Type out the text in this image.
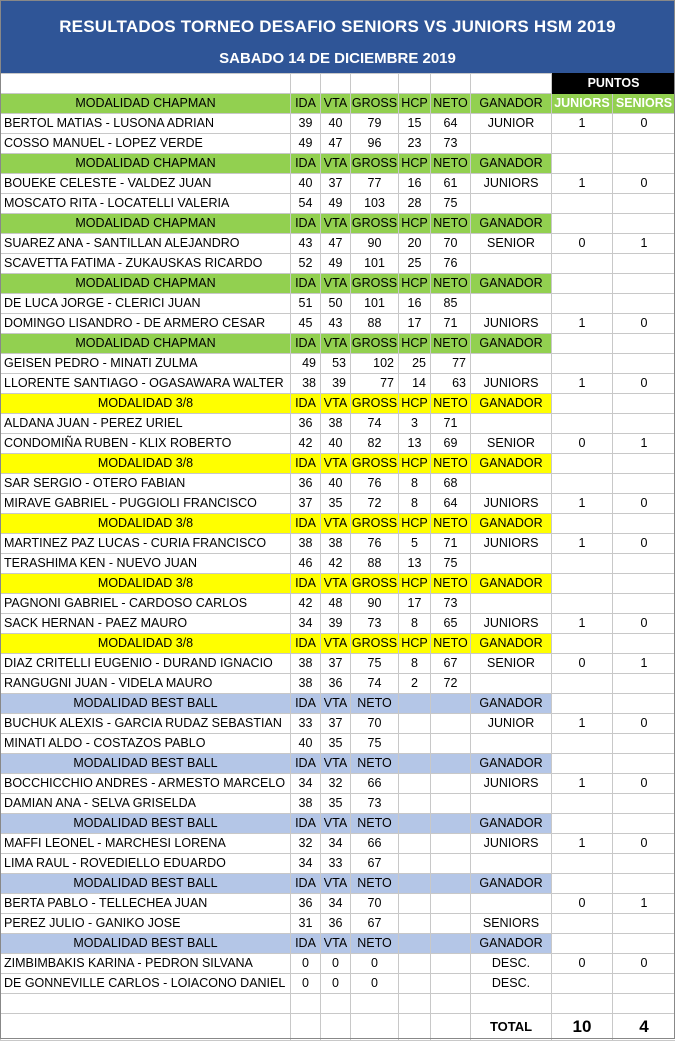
RESULTADOS TORNEO DESAFIO SENIORS VS JUNIORS HSM 2019
SABADO 14 DE DICIEMBRE 2019
							PUNTOS	
MODALIDAD CHAPMAN	IDA	VTA	GROSS	HCP	NETO	GANADOR	JUNIORS	SENIORS
BERTOL MATIAS - LUSONA ADRIAN	39	40	79	15	64	JUNIOR	1	0
COSSO MANUEL - LOPEZ VERDE	49	47	96	23	73			
MODALIDAD CHAPMAN	IDA	VTA	GROSS	HCP	NETO	GANADOR		
BOUEKE CELESTE - VALDEZ JUAN	40	37	77	16	61	JUNIORS	1	0
MOSCATO RITA - LOCATELLI VALERIA	54	49	103	28	75			
MODALIDAD CHAPMAN	IDA	VTA	GROSS	HCP	NETO	GANADOR		
SUAREZ ANA - SANTILLAN ALEJANDRO	43	47	90	20	70	SENIOR	0	1
SCAVETTA FATIMA - ZUKAUSKAS RICARDO	52	49	101	25	76			
MODALIDAD CHAPMAN	IDA	VTA	GROSS	HCP	NETO	GANADOR		
DE LUCA JORGE - CLERICI JUAN	51	50	101	16	85			
DOMINGO LISANDRO - DE ARMERO CESAR	45	43	88	17	71	JUNIORS	1	0
MODALIDAD CHAPMAN	IDA	VTA	GROSS	HCP	NETO	GANADOR		
GEISEN PEDRO - MINATI ZULMA	49	53	102	25	77			
LLORENTE SANTIAGO - OGASAWARA WALTER	38	39	77	14	63	JUNIORS	1	0
MODALIDAD 3/8	IDA	VTA	GROSS	HCP	NETO	GANADOR		
ALDANA JUAN - PEREZ URIEL	36	38	74	3	71			
CONDOMIÑA RUBEN - KLIX ROBERTO	42	40	82	13	69	SENIOR	0	1
MODALIDAD 3/8	IDA	VTA	GROSS	HCP	NETO	GANADOR		
SAR SERGIO - OTERO FABIAN	36	40	76	8	68			
MIRAVE GABRIEL - PUGGIOLI FRANCISCO	37	35	72	8	64	JUNIORS	1	0
MODALIDAD 3/8	IDA	VTA	GROSS	HCP	NETO	GANADOR		
MARTINEZ PAZ LUCAS - CURIA FRANCISCO	38	38	76	5	71	JUNIORS	1	0
TERASHIMA KEN - NUEVO JUAN	46	42	88	13	75			
MODALIDAD 3/8	IDA	VTA	GROSS	HCP	NETO	GANADOR		
PAGNONI GABRIEL - CARDOSO CARLOS	42	48	90	17	73			
SACK HERNAN - PAEZ MAURO	34	39	73	8	65	JUNIORS	1	0
MODALIDAD 3/8	IDA	VTA	GROSS	HCP	NETO	GANADOR		
DIAZ CRITELLI EUGENIO - DURAND IGNACIO	38	37	75	8	67	SENIOR	0	1
RANGUGNI JUAN - VIDELA MAURO	38	36	74	2	72			
MODALIDAD BEST BALL	IDA	VTA	NETO			GANADOR		
BUCHUK ALEXIS - GARCIA RUDAZ SEBASTIAN	33	37	70			JUNIOR	1	0
MINATI ALDO - COSTAZOS PABLO	40	35	75					
MODALIDAD BEST BALL	IDA	VTA	NETO			GANADOR		
BOCCHICCHIO ANDRES - ARMESTO MARCELO	34	32	66			JUNIORS	1	0
DAMIAN ANA - SELVA GRISELDA	38	35	73					
MODALIDAD BEST BALL	IDA	VTA	NETO			GANADOR		
MAFFI LEONEL - MARCHESI LORENA	32	34	66			JUNIORS	1	0
LIMA RAUL - ROVEDIELLO EDUARDO	34	33	67					
MODALIDAD BEST BALL	IDA	VTA	NETO			GANADOR		
BERTA PABLO - TELLECHEA JUAN	36	34	70				0	1
PEREZ JULIO - GANIKO JOSE	31	36	67			SENIORS		
MODALIDAD BEST BALL	IDA	VTA	NETO			GANADOR		
ZIMBIMBAKIS KARINA - PEDRON SILVANA	0	0	0			DESC.	0	0
DE GONNEVILLE CARLOS - LOIACONO DANIEL	0	0	0			DESC.		

						TOTAL	10	4
